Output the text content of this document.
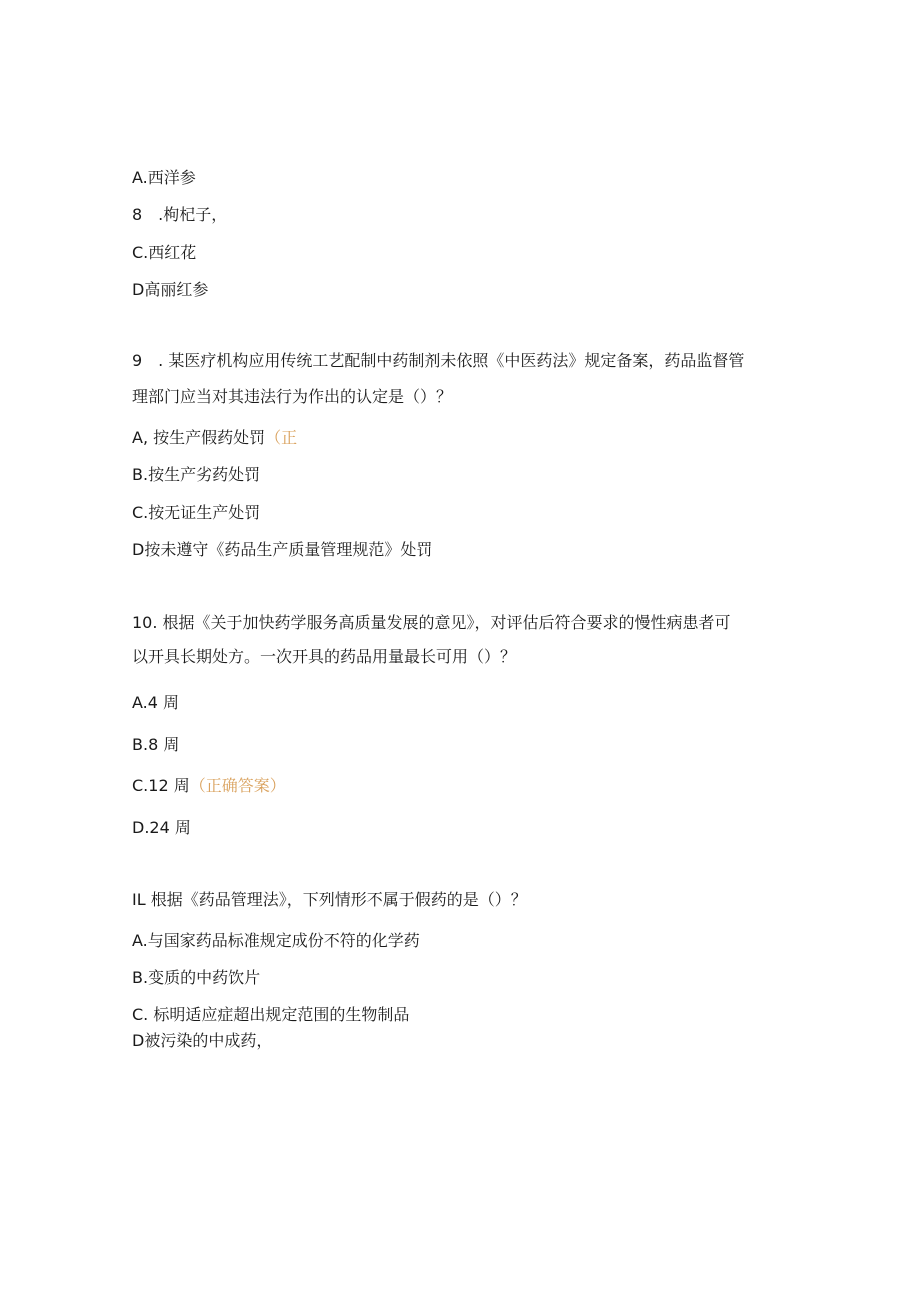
A.西洋参
8　.枸杞子，
C.西红花
D高丽红参
9　. 某医疗机构应用传统工艺配制中药制剂未依照《中医药法》规定备案，药品监督管
理部门应当对其违法行为作出的认定是（）？
A, 按生产假药处罚（正
B.按生产劣药处罚
C.按无证生产处罚
D按未遵守《药品生产质量管理规范》处罚
10. 根据《关于加快药学服务高质量发展的意见》，对评估后符合要求的慢性病患者可
以开具长期处方。一次开具的药品用量最长可用（）？
A.4 周
B.8 周
C.12 周（正确答案）
D.24 周
IL 根据《药品管理法》，下列情形不属于假药的是（）？
A.与国家药品标准规定成份不符的化学药
B.变质的中药饮片
C. 标明适应症超出规定范围的生物制品
D被污染的中成药，
